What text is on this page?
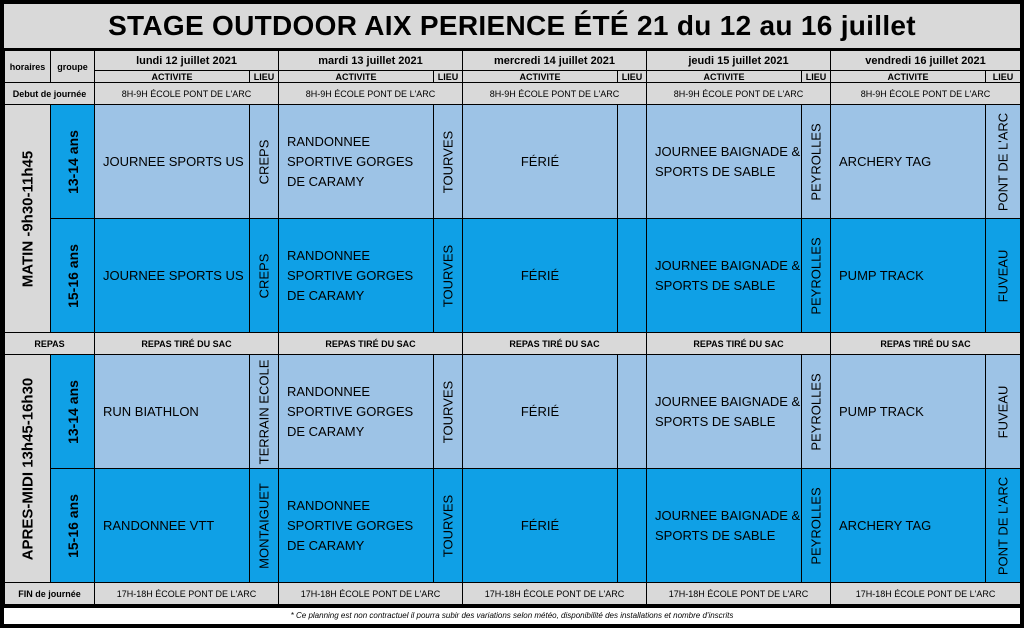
STAGE OUTDOOR AIX PERIENCE ÉTÉ 21 du 12 au 16 juillet
horaires	groupe	lundi 12 juillet 2021		mardi 13 juillet 2021		mercredi 14 juillet 2021		jeudi 15 juillet 2021		vendredi 16 juillet 2021	
		ACTIVITE	LIEU	ACTIVITE	LIEU	ACTIVITE	LIEU	ACTIVITE	LIEU	ACTIVITE	LIEU
Debut de journée		8H-9H ÉCOLE PONT DE L'ARC		8H-9H ÉCOLE PONT DE L'ARC		8H-9H ÉCOLE PONT DE L'ARC		8H-9H ÉCOLE PONT DE L'ARC		8H-9H ÉCOLE PONT DE L'ARC	

MATIN -9h30-11h45	13-14 ans	JOURNEE SPORTS US	CREPS	RANDONNEE SPORTIVE GORGES DE CARAMY	TOURVES	FÉRIÉ		JOURNEE BAIGNADE & SPORTS DE SABLE	PEYROLLES	ARCHERY TAG	PONT DE L'ARC

	15-16 ans	JOURNEE SPORTS US	CREPS	RANDONNEE SPORTIVE GORGES DE CARAMY	TOURVES	FÉRIÉ		JOURNEE BAIGNADE & SPORTS DE SABLE	PEYROLLES	PUMP TRACK	FUVEAU

REPAS		REPAS TIRÉ DU SAC		REPAS TIRÉ DU SAC		REPAS TIRÉ DU SAC		REPAS TIRÉ DU SAC		REPAS TIRÉ DU SAC	

APRES-MIDI 13h45-16h30	13-14 ans	RUN BIATHLON	TERRAIN ECOLE	RANDONNEE SPORTIVE GORGES DE CARAMY	TOURVES	FÉRIÉ		JOURNEE BAIGNADE & SPORTS DE SABLE	PEYROLLES	PUMP TRACK	FUVEAU

	15-16 ans	RANDONNEE VTT	MONTAIGUET	RANDONNEE SPORTIVE GORGES DE CARAMY	TOURVES	FÉRIÉ		JOURNEE BAIGNADE & SPORTS DE SABLE	PEYROLLES	ARCHERY TAG	PONT DE L'ARC

FIN de journée		17H-18H ÉCOLE PONT DE L'ARC		17H-18H ÉCOLE PONT DE L'ARC		17H-18H ÉCOLE PONT DE L'ARC		17H-18H ÉCOLE PONT DE L'ARC		17H-18H ÉCOLE PONT DE L'ARC	
* Ce planning est non contractuel il pourra subir des variations selon météo, disponibilité des installations et nombre d'inscrits
